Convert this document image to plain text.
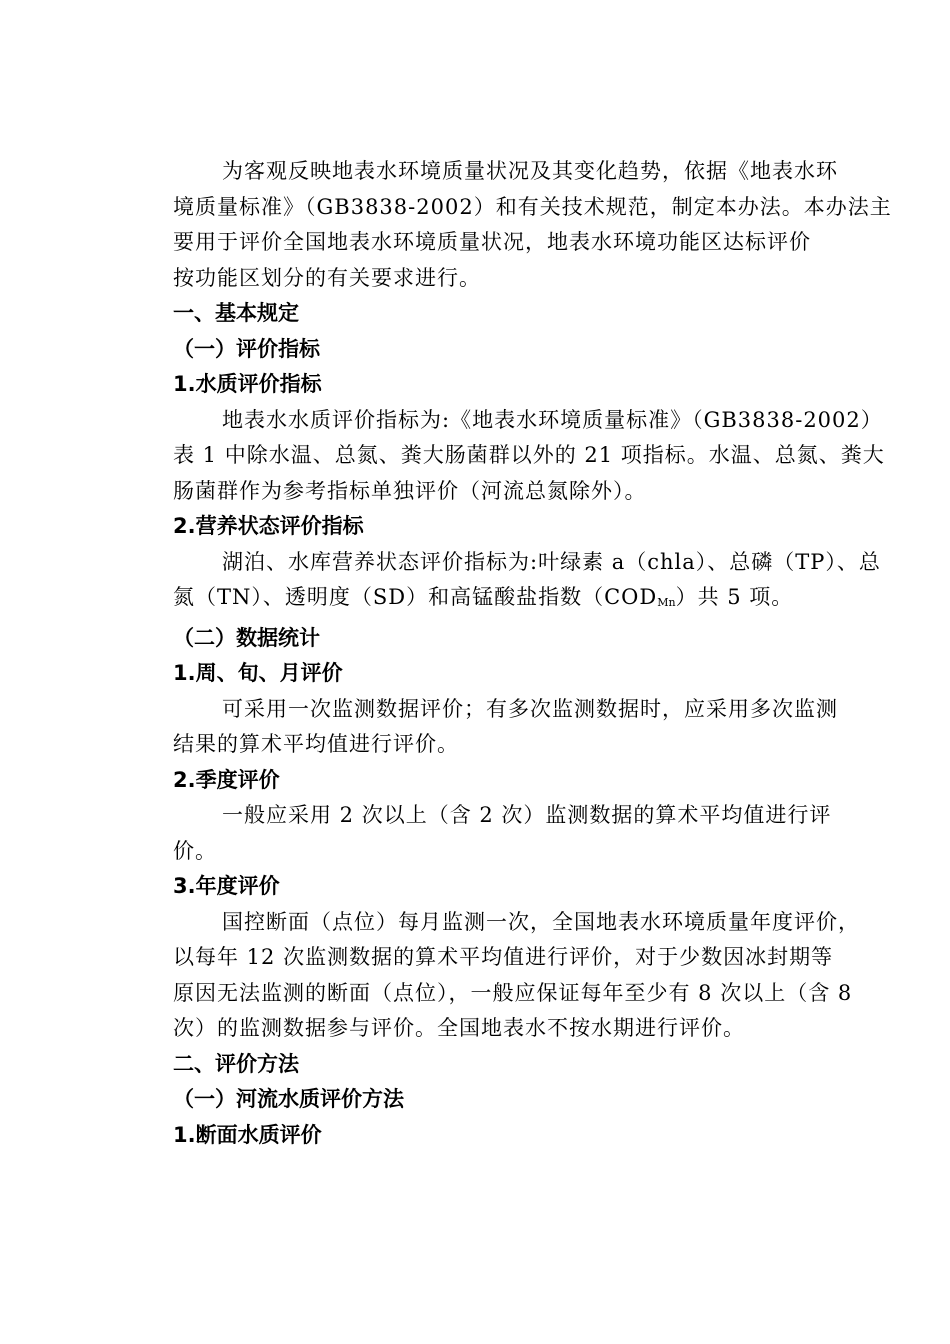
为客观反映地表水环境质量状况及其变化趋势，依据《地表水环
境质量标准》（GB3838-2002）和有关技术规范，制定本办法。本办法主
要用于评价全国地表水环境质量状况，地表水环境功能区达标评价
按功能区划分的有关要求进行。
一、基本规定
（一）评价指标
1.水质评价指标
地表水水质评价指标为:《地表水环境质量标准》（GB3838-2002）
表 1 中除水温、总氮、粪大肠菌群以外的 21 项指标。水温、总氮、粪大
肠菌群作为参考指标单独评价（河流总氮除外）。
2.营养状态评价指标
湖泊、水库营养状态评价指标为:叶绿素 a（chla）、总磷（TP）、总
氮（TN）、透明度（SD）和高锰酸盐指数$(COD_{Mn})$共 5 项。
（二）数据统计
1.周、旬、月评价
可采用一次监测数据评价；有多次监测数据时，应采用多次监测
结果的算术平均值进行评价。
2.季度评价
一般应采用 2 次以上（含 2 次）监测数据的算术平均值进行评
价。
3.年度评价
国控断面（点位）每月监测一次，全国地表水环境质量年度评价，
以每年 12 次监测数据的算术平均值进行评价，对于少数因冰封期等
原因无法监测的断面（点位），一般应保证每年至少有 8 次以上（含 8
次）的监测数据参与评价。全国地表水不按水期进行评价。
二、评价方法
（一）河流水质评价方法
1.断面水质评价
